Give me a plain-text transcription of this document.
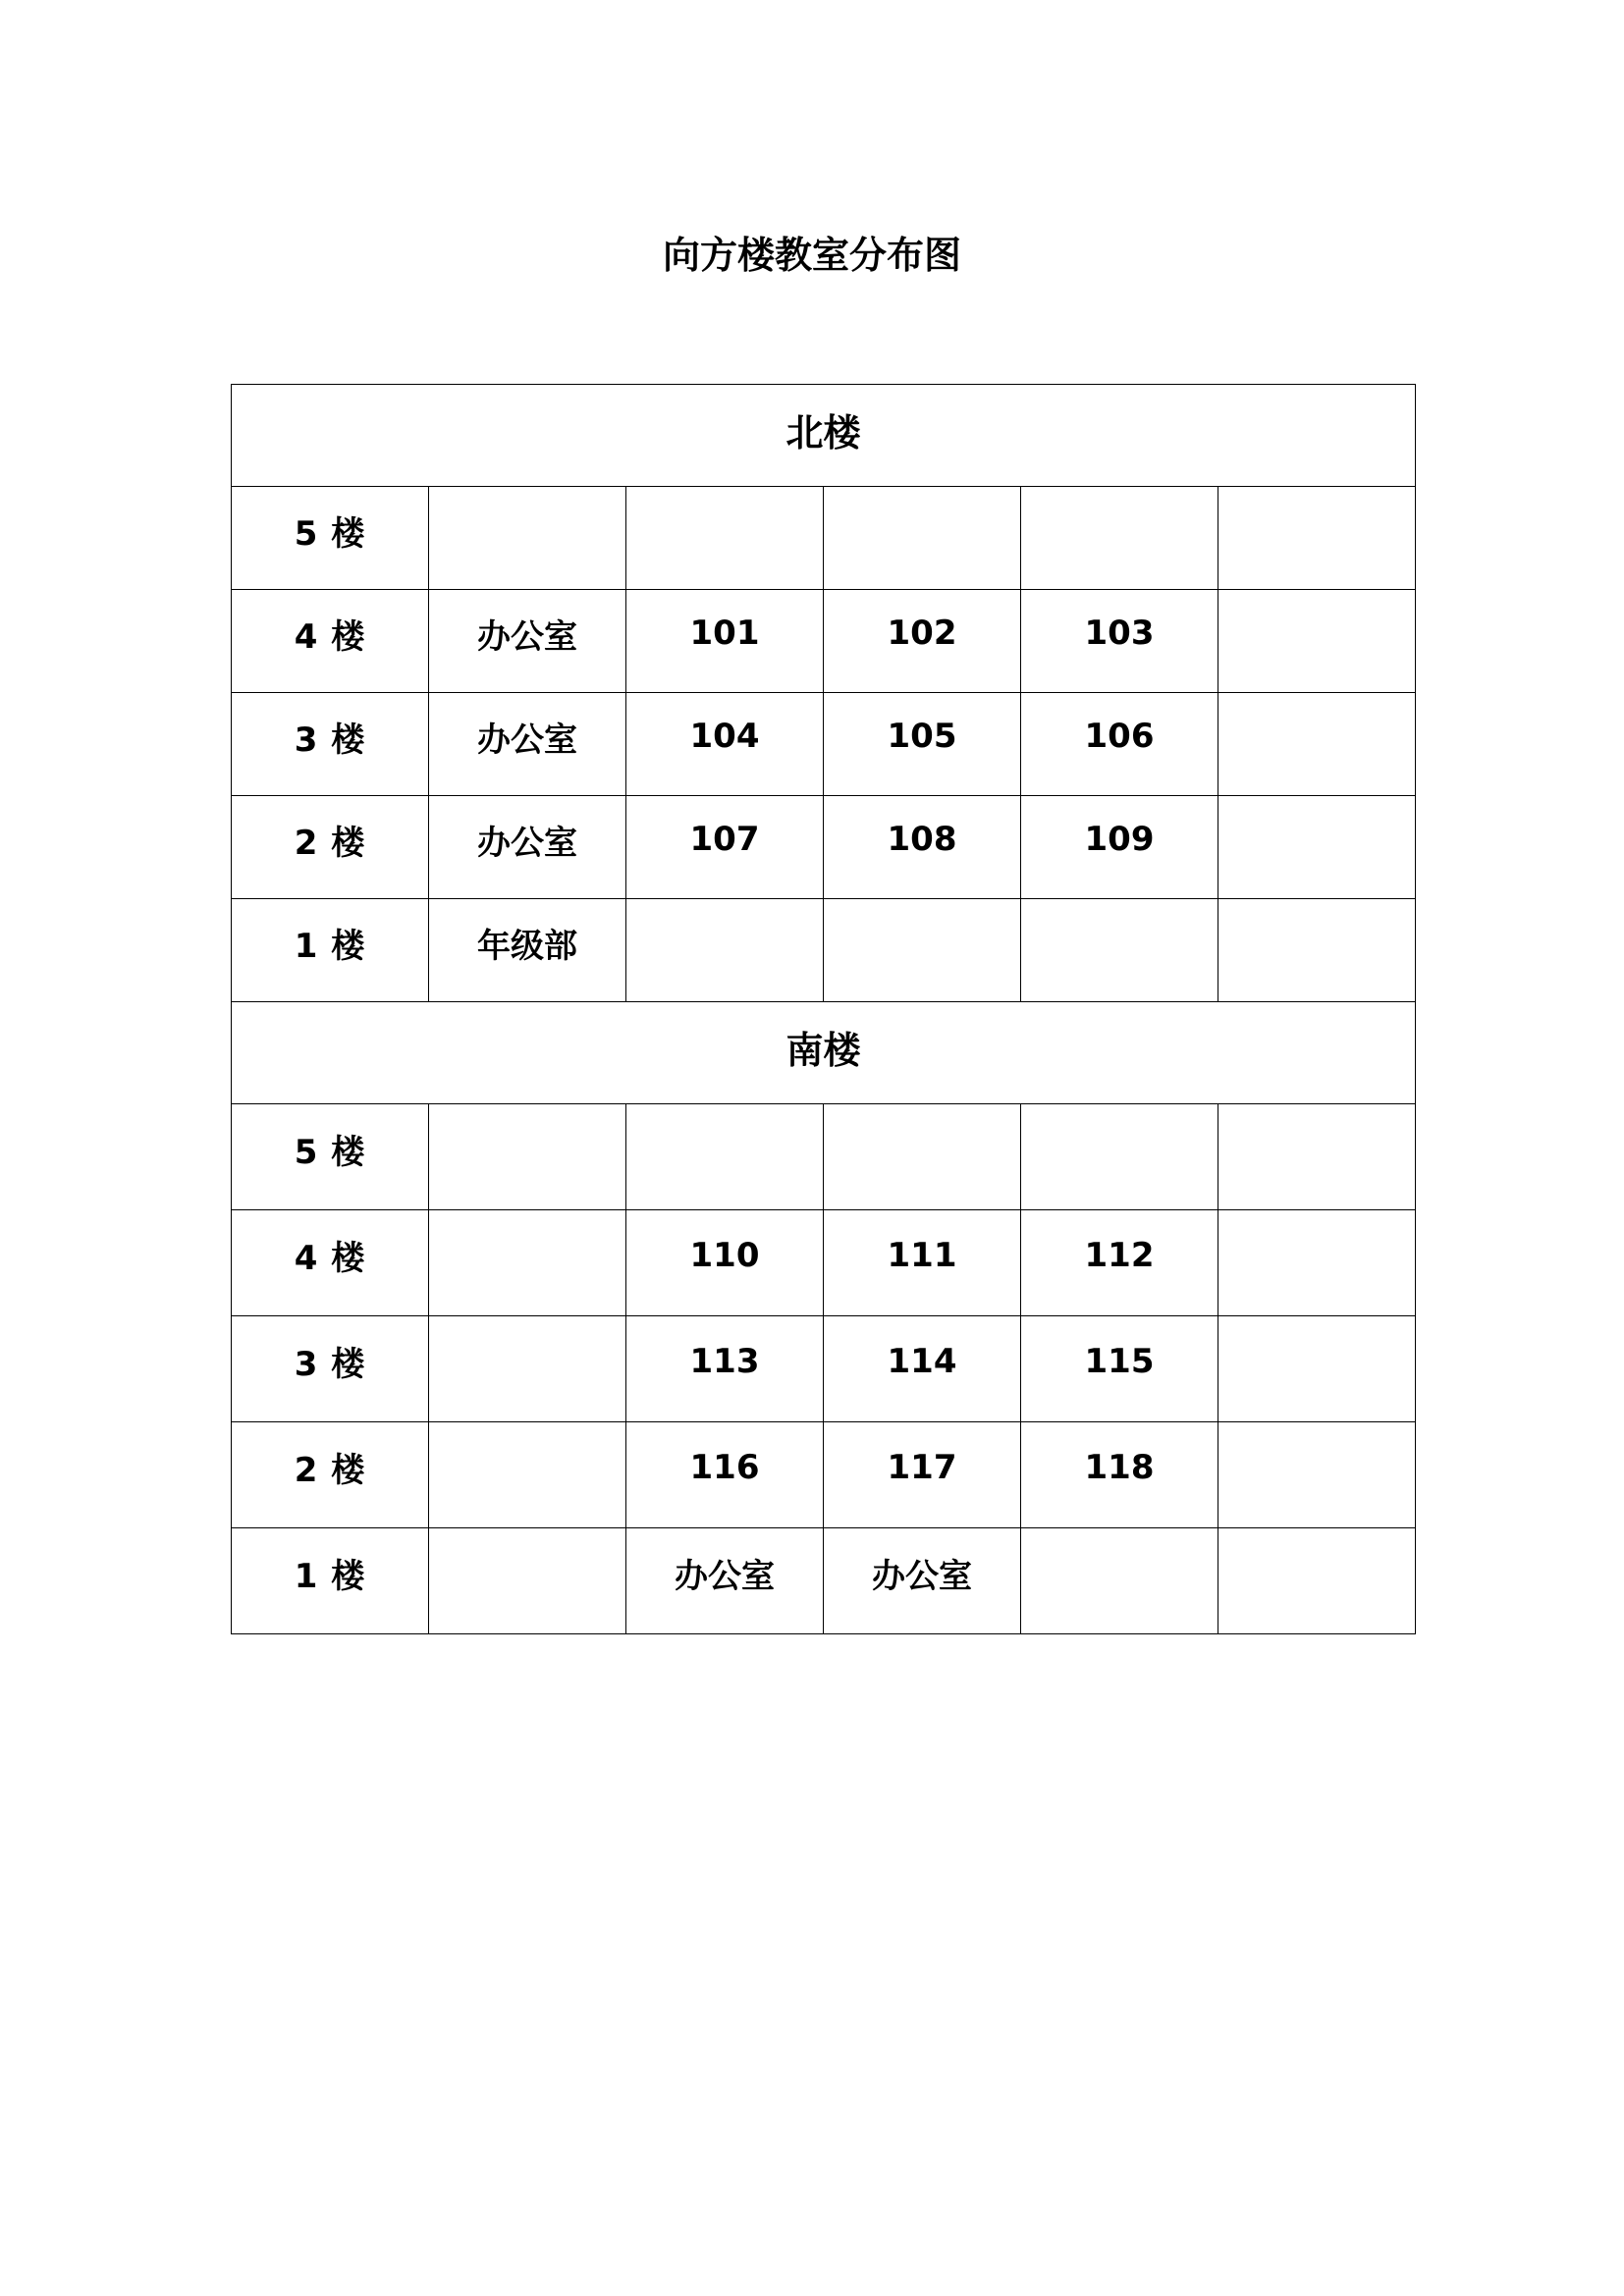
向方楼教室分布图
北楼					
5 楼					
4 楼	办公室	101	102	103	
3 楼	办公室	104	105	106	
2 楼	办公室	107	108	109	
1 楼	年级部				
南楼					
5 楼					
4 楼		110	111	112	
3 楼		113	114	115	
2 楼		116	117	118	
1 楼		办公室	办公室		
